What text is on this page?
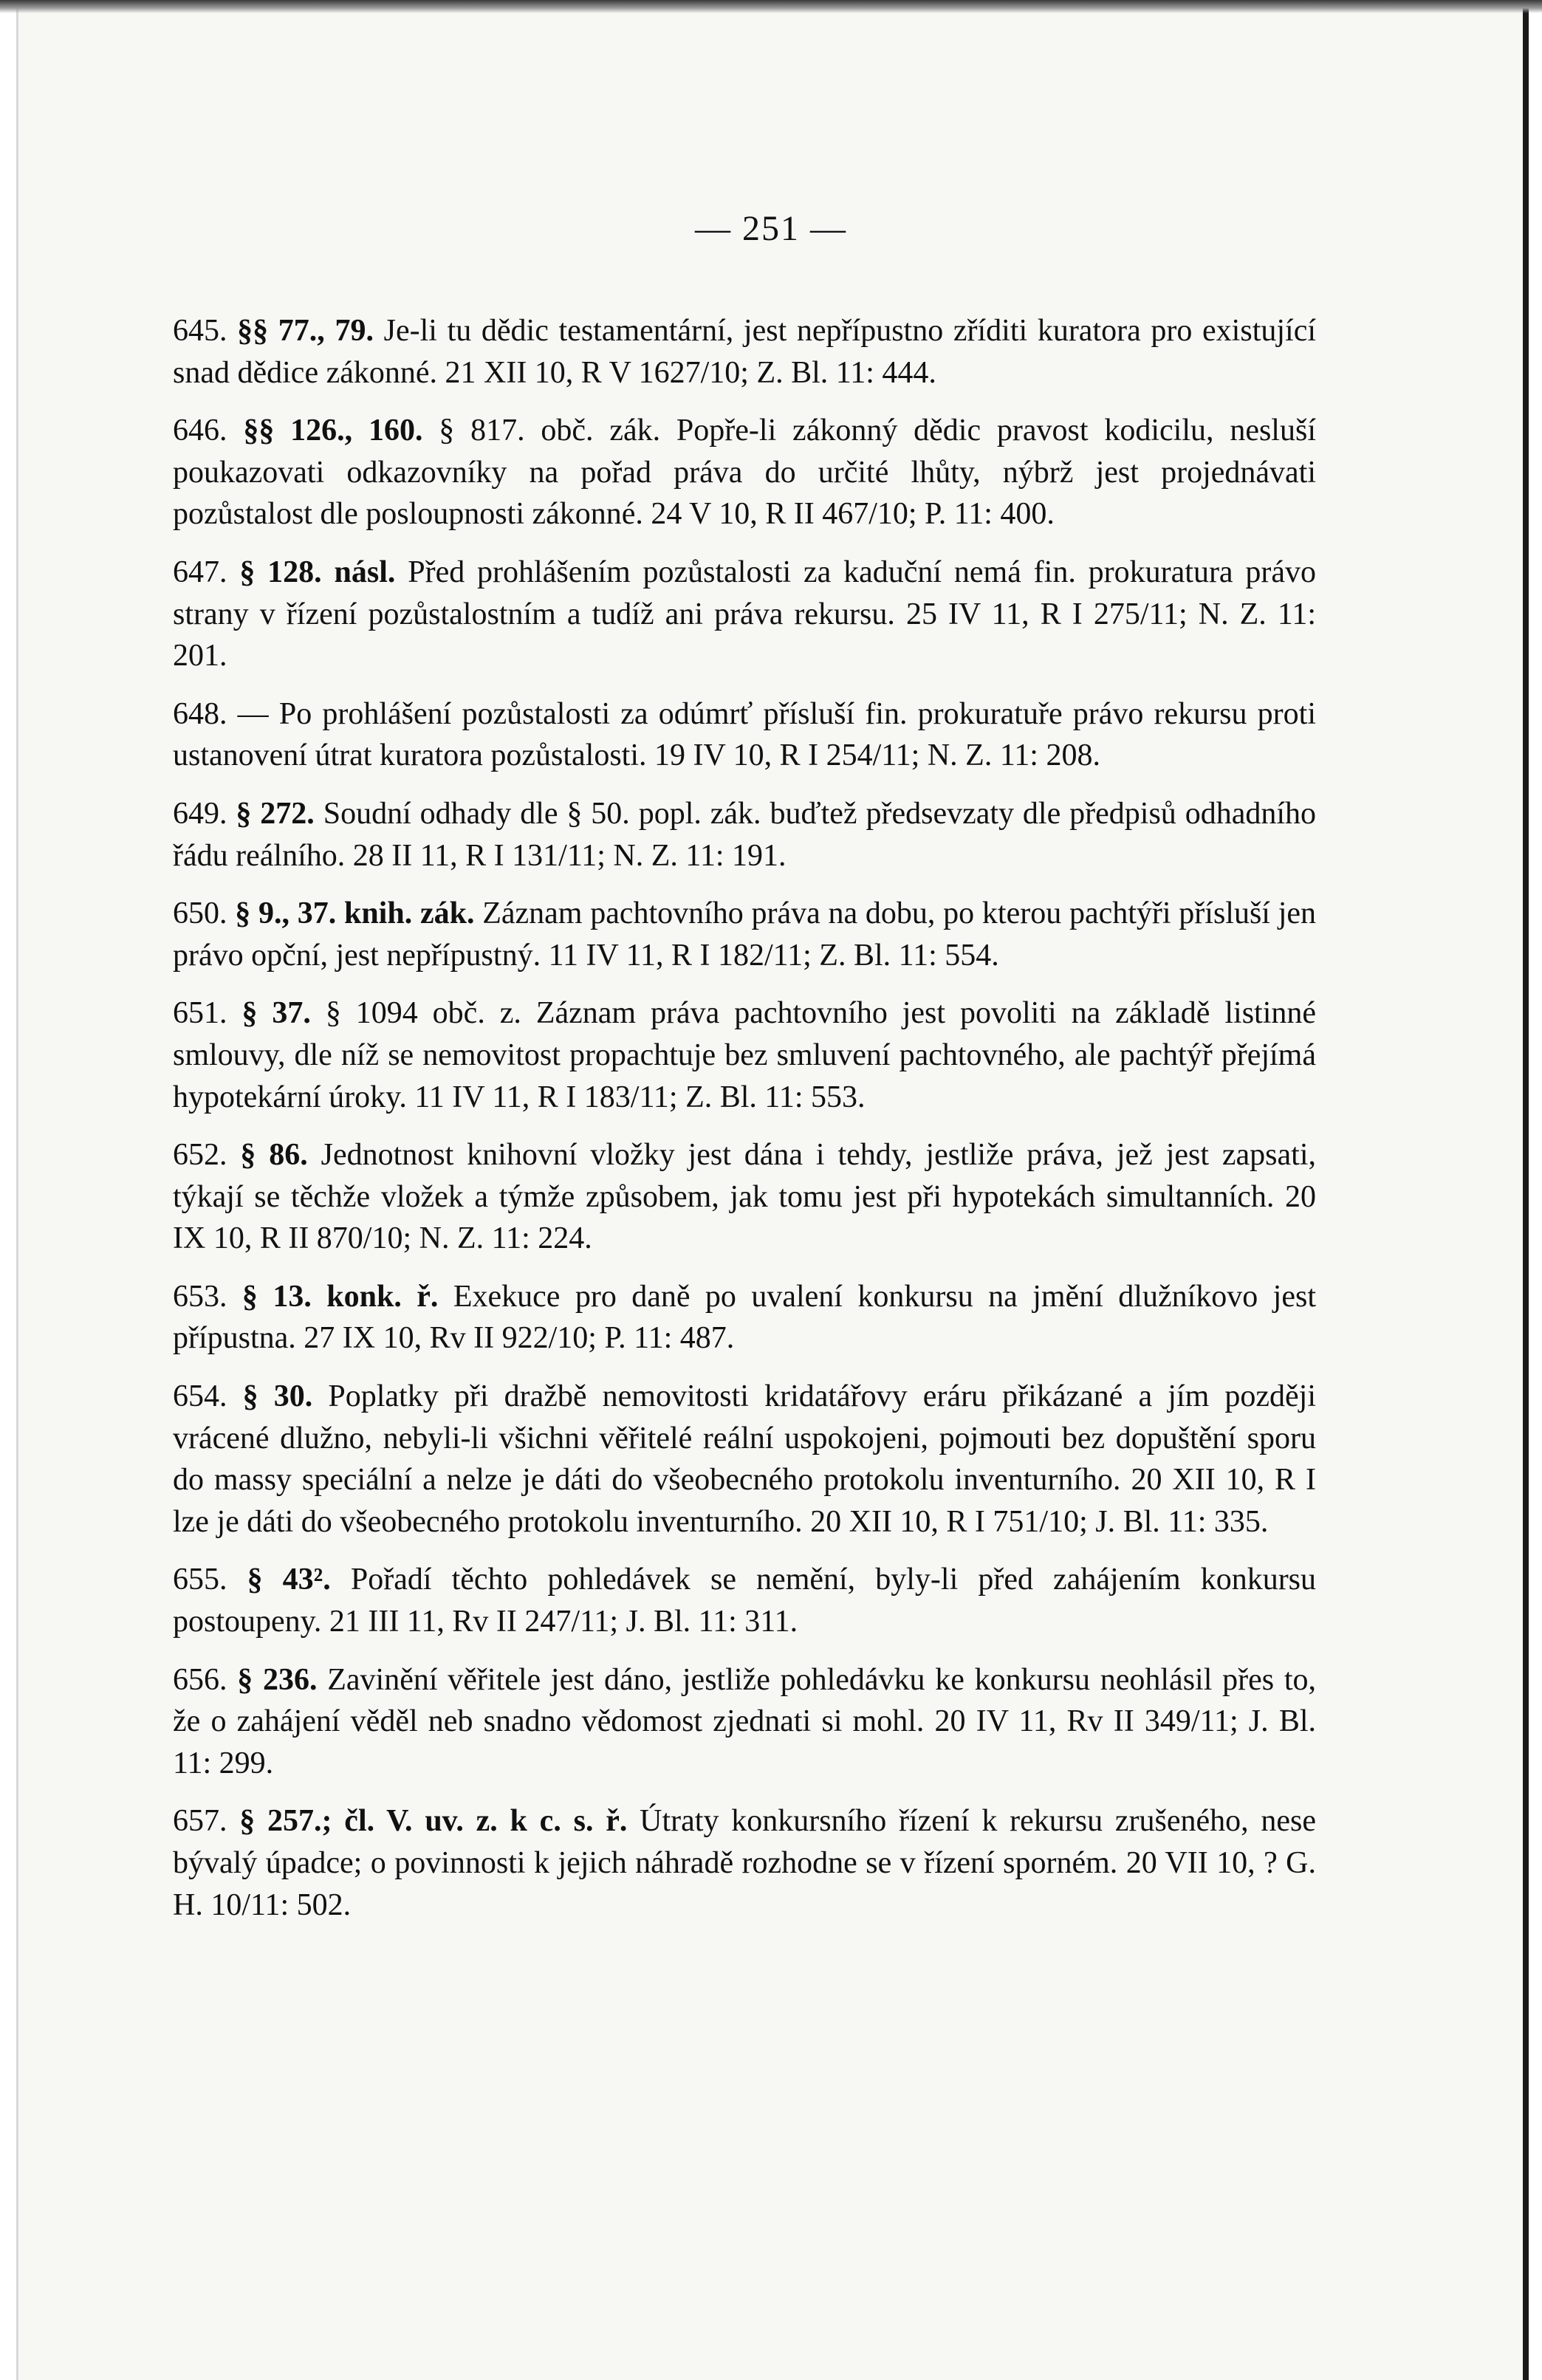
— 251 —

645. §§ 77., 79. Je-li tu dědic testamentární, jest nepřípustno zříditi kuratora pro existující snad dědice zákonné. 21 XII 10, R V 1627/10; Z. Bl. 11: 444.

646. §§ 126., 160. § 817. obč. zák. Popře-li zákonný dědic pravost kodicilu, nesluší poukazovati odkazovníky na pořad práva do určité lhůty, nýbrž jest projednávati pozůstalost dle posloupnosti zákonné. 24 V 10, R II 467/10; P. 11: 400.

647. § 128. násl. Před prohlášením pozůstalosti za kaduční nemá fin. prokuratura právo strany v řízení pozůstalostním a tudíž ani práva rekursu. 25 IV 11, R I 275/11; N. Z. 11: 201.

648. — Po prohlášení pozůstalosti za odúmrť přísluší fin. prokuratuře právo rekursu proti ustanovení útrat kuratora pozůstalosti. 19 IV 10, R I 254/11; N. Z. 11: 208.

649. § 272. Soudní odhady dle § 50. popl. zák. buďtež předsevzaty dle předpisů odhadního řádu reálního. 28 II 11, R I 131/11; N. Z. 11: 191.

650. § 9., 37. knih. zák. Záznam pachtovního práva na dobu, po kterou pachtýři přísluší jen právo opční, jest nepřípustný. 11 IV 11, R I 182/11; Z. Bl. 11: 554.

651. § 37. § 1094 obč. z. Záznam práva pachtovního jest povoliti na základě listinné smlouvy, dle níž se nemovitost propachtuje bez smluvení pachtovného, ale pachtýř přejímá hypotekární úroky. 11 IV 11, R I 183/11; Z. Bl. 11: 553.

652. § 86. Jednotnost knihovní vložky jest dána i tehdy, jestliže práva, jež jest zapsati, týkají se těchže vložek a týmže způsobem, jak tomu jest při hypotekách simultanních. 20 IX 10, R II 870/10; N. Z. 11: 224.

653. § 13. konk. ř. Exekuce pro daně po uvalení konkursu na jmění dlužníkovo jest přípustna. 27 IX 10, Rv II 922/10; P. 11: 487.

654. § 30. Poplatky při dražbě nemovitosti kridatářovy eráru přikázané a jím později vrácené dlužno, nebyli-li všichni věřitelé reální uspokojeni, pojmouti bez dopuštění sporu do massy speciální a nelze je dáti do všeobecného protokolu inventurního. 20 XII 10, R I lze je dáti do všeobecného protokolu inventurního. 20 XII 10, R I 751/10; J. Bl. 11: 335.

655. § 43². Pořadí těchto pohledávek se nemění, byly-li před zahájením konkursu postoupeny. 21 III 11, Rv II 247/11; J. Bl. 11: 311.

656. § 236. Zavinění věřitele jest dáno, jestliže pohledávku ke konkursu neohlásil přes to, že o zahájení věděl neb snadno vědomost zjednati si mohl. 20 IV 11, Rv II 349/11; J. Bl. 11: 299.

657. § 257.; čl. V. uv. z. k c. s. ř. Útraty konkursního řízení k rekursu zrušeného, nese bývalý úpadce; o povinnosti k jejich náhradě rozhodne se v řízení sporném. 20 VII 10, ? G. H. 10/11: 502.
